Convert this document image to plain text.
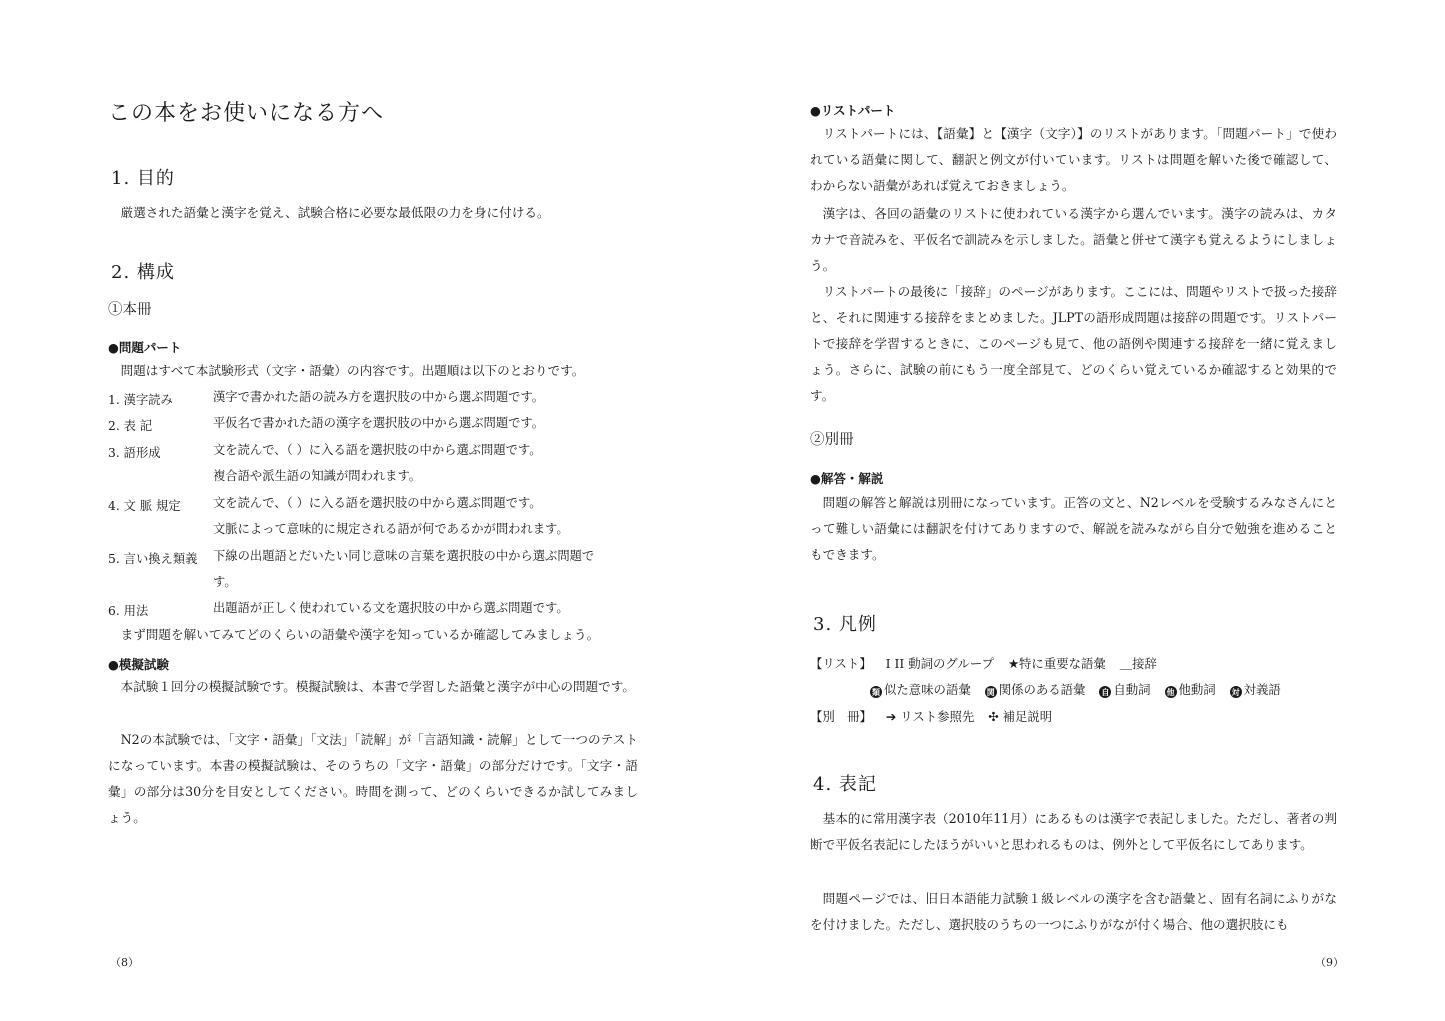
この本をお使いになる方へ
1. 目的

厳選された語彙と漢字を覚え、試験合格に必要な最低限の力を身に付ける。

2. 構成
①本冊
●問題パート

問題はすべて本試験形式（文字・語彙）の内容です。出題順は以下のとおりです。

1. 漢字読み	漢字で書かれた語の読み方を選択肢の中から選ぶ問題です。

2. 表 記	平仮名で書かれた語の漢字を選択肢の中から選ぶ問題です。

3. 語形成	文を読んで、（ ）に入る語を選択肢の中から選ぶ問題です。

複合語や派生語の知識が問われます。

4. 文 脈 規定	文を読んで、（ ）に入る語を選択肢の中から選ぶ問題です。

文脈によって意味的に規定される語が何であるかが問われます。

5. 言い換え類義 下線の出題語とだいたい同じ意味の言葉を選択肢の中から選ぶ問題で

す。

6. 用法	出題語が正しく使われている文を選択肢の中から選ぶ問題です。

まず問題を解いてみてどのくらいの語彙や漢字を知っているか確認してみましょう。

●模擬試験

本試験１回分の模擬試験です。模擬試験は、本書で学習した語彙と漢字が中心の問題です。

N2の本試験では、「文字・語彙」「文法」「読解」が「言語知識・読解」として一つのテストになっています。本書の模擬試験は、そのうちの「文字・語彙」の部分だけです。「文字・語彙」の部分は30分を目安としてください。時間を測って、どのくらいできるか試してみましょう。

（8）

●リストパート

リストパートには、【語彙】と【漢字（文字）】のリストがあります。「問題パート」で使われている語彙に関して、翻訳と例文が付いています。リストは問題を解いた後で確認して、わからない語彙があれば覚えておきましょう。

漢字は、各回の語彙のリストに使われている漢字から選んでいます。漢字の読みは、カタカナで音読みを、平仮名で訓読みを示しました。語彙と併せて漢字も覚えるようにしましょう。

リストパートの最後に「接辞」のページがあります。ここには、問題やリストで扱った接辞と、それに関連する接辞をまとめました。JLPTの語形成問題は接辞の問題です。リストパートで接辞を学習するときに、このページも見て、他の語例や関連する接辞を一緒に覚えましょう。さらに、試験の前にもう一度全部見て、どのくらい覚えているか確認すると効果的です。

②別冊
●解答・解説

問題の解答と解説は別冊になっています。正答の文と、N2レベルを受験するみなさんにとって難しい語彙には翻訳を付けてありますので、解説を読みながら自分で勉強を進めることもできます。

3. 凡例

【リスト】 I II 動詞のグループ ★特に重要な語彙 ＿接辞

類 似た意味の語彙 関 関係のある語彙 自 自動詞 他 他動詞 対 対義語

【別　冊】 ➔ リスト参照先 ✣ 補足説明

4. 表記

基本的に常用漢字表（2010年11月）にあるものは漢字で表記しました。ただし、著者の判断で平仮名表記にしたほうがいいと思われるものは、例外として平仮名にしてあります。

問題ページでは、旧日本語能力試験１級レベルの漢字を含む語彙と、固有名詞にふりがなを付けました。ただし、選択肢のうちの一つにふりがなが付く場合、他の選択肢にも

（9）
